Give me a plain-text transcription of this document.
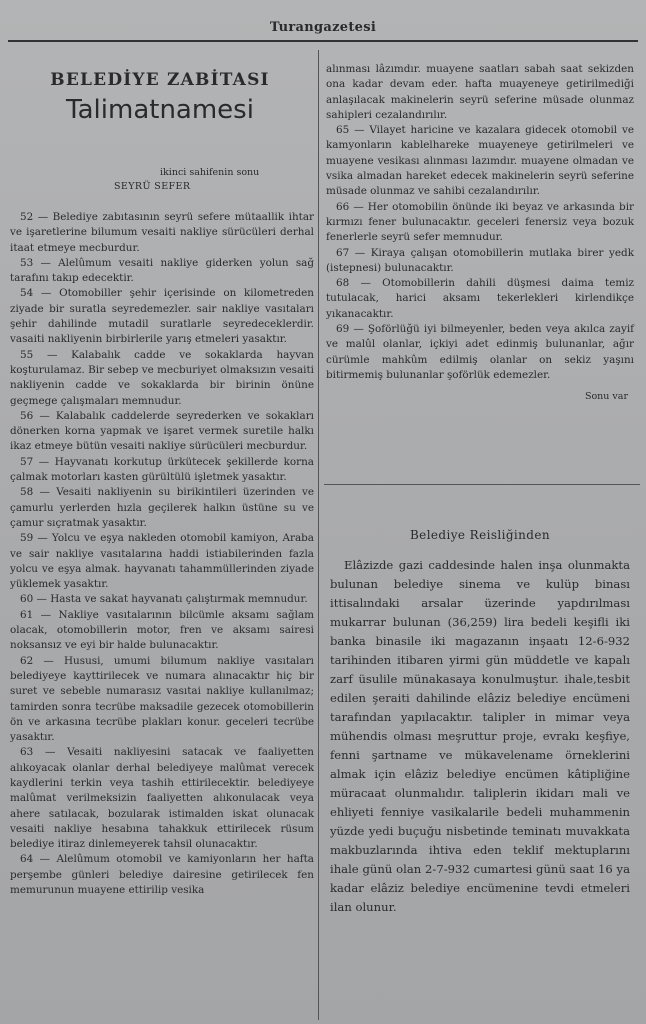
Turangazetesi
BELEDİYE ZABİTASI
Talimatnamesi
ikinci sahifenin sonu
SEYRÜ SEFER

52 — Belediye zabıtasının seyrü sefere mütaallik ihtar ve işaretlerine bilumum vesaiti nakliye sürücüleri derhal itaat etmeye mecburdur.

53 — Alelûmum vesaiti nakliye giderken yolun sağ tarafını takıp edecektir.

54 — Otomobiller şehir içerisinde on kilometreden ziyade bir suratla seyredemezler. sair nakliye vasıtaları şehir dahilinde mutadil suratlarle seyredeceklerdir. vasaiti nakliyenin birbirlerile yarış etmeleri yasaktır.

55 — Kalabalık cadde ve sokaklarda hayvan koşturulamaz. Bir sebep ve mecburiyet olmaksızın vesaiti nakliyenin cadde ve sokaklarda bir birinin önüne geçmege çalışmaları memnudur.

56 — Kalabalık caddelerde seyrederken ve sokakları dönerken korna yapmak ve işaret vermek suretile halkı ikaz etmeye bütün vesaiti nakliye sürücüleri mecburdur.

57 — Hayvanatı korkutup ürkütecek şekillerde korna çalmak motorları kasten gürültülü işletmek yasaktır.

58 — Vesaiti nakliyenin su birikintileri üzerinden ve çamurlu yerlerden hızla geçilerek halkın üstüne su ve çamur sıçratmak yasaktır.

59 — Yolcu ve eşya nakleden otomobil kamiyon, Araba ve sair nakliye vasıtalarına haddi istiabilerinden fazla yolcu ve eşya almak. hayvanatı tahammüllerinden ziyade yüklemek yasaktır.

60 — Hasta ve sakat hayvanatı çalıştırmak memnudur.

61 — Nakliye vasıtalarının bilcümle aksamı sağlam olacak, otomobillerin motor, fren ve aksamı sairesi noksansız ve eyi bir halde bulunacaktır.

62 — Hususi, umumi bilumum nakliye vasıtaları belediyeye kayttirilecek ve numara alınacaktır hiç bir suret ve sebeble numarasız vasıtai nakliye kullanılmaz; tamirden sonra tecrübe maksadile gezecek otomobillerin ön ve arkasına tecrübe plakları konur. geceleri tecrübe yasaktır.

63 — Vesaiti nakliyesini satacak ve faaliyetten alıkoyacak olanlar derhal belediyeye malûmat verecek kaydlerini terkin veya tashih ettirilecektir. belediyeye malûmat verilmeksizin faaliyetten alıkonulacak veya ahere satılacak, bozularak istimalden iskat olunacak vesaiti nakliye hesabına tahakkuk ettirilecek rüsum belediye itiraz dinlemeyerek tahsil olunacaktır.

64 — Alelûmum otomobil ve kamiyonların her hafta perşembe günleri belediye dairesine getirilecek fen memurunun muayene ettirilip vesika

alınması lâzımdır. muayene saatları sabah saat sekizden ona kadar devam eder. hafta muayeneye getirilmediği anlaşılacak makinelerin seyrü seferine müsade olunmaz sahipleri cezalandırılır.

65 — Vilayet haricine ve kazalara gidecek otomobil ve kamyonların kablelhareke muayeneye getirilmeleri ve muayene vesikası alınması lazımdır. muayene olmadan ve vsika almadan hareket edecek makinelerin seyrü seferine müsade olunmaz ve sahibi cezalandırılır.

66 — Her otomobilin önünde iki beyaz ve arkasında bir kırmızı fener bulunacaktır. geceleri fenersiz veya bozuk fenerlerle seyrü sefer memnudur.

67 — Kiraya çalışan otomobillerin mutlaka birer yedk (istepnesi) bulunacaktır.

68 — Otomobillerin dahili düşmesi daima temiz tutulacak, harici aksamı tekerlekleri kirlendikçe yıkanacaktır.

69 — Şoförlüğü iyi bilmeyenler, beden veya akılca zayif ve malûl olanlar, içkiyi adet edinmiş bulunanlar, ağır cürümle mahkûm edilmiş olanlar on sekiz yaşını bitirmemiş bulunanlar şoförlük edemezler.

Sonu var
Belediye Reisliğinden

Elâzizde gazi caddesinde halen inşa olunmakta bulunan belediye sinema ve kulüp binası ittisalındaki arsalar üzerinde yapdırılması mukarrar bulunan (36,259) lira bedeli keşifli iki banka binasile iki magazanın inşaatı 12-6-932 tarihinden itibaren yirmi gün müddetle ve kapalı zarf üsulile münakasaya konulmuştur. ihale,tesbit edilen şeraiti dahilinde elâziz belediye encümeni tarafından yapılacaktır. talipler in mimar veya mühendis olması meşruttur proje, evrakı keşfiye, fenni şartname ve mükavelename örneklerini almak için elâziz belediye encümen kâtipliğine müracaat olunmalıdır. taliplerin ikidarı mali ve ehliyeti fenniye vasikalarile bedeli muhammenin yüzde yedi buçuğu nisbetinde teminatı muvakkata makbuzlarında ihtiva eden teklif mektuplarını ihale günü olan 2-7-932 cumartesi günü saat 16 ya kadar elâziz belediye encümenine tevdi etmeleri ilan olunur.
